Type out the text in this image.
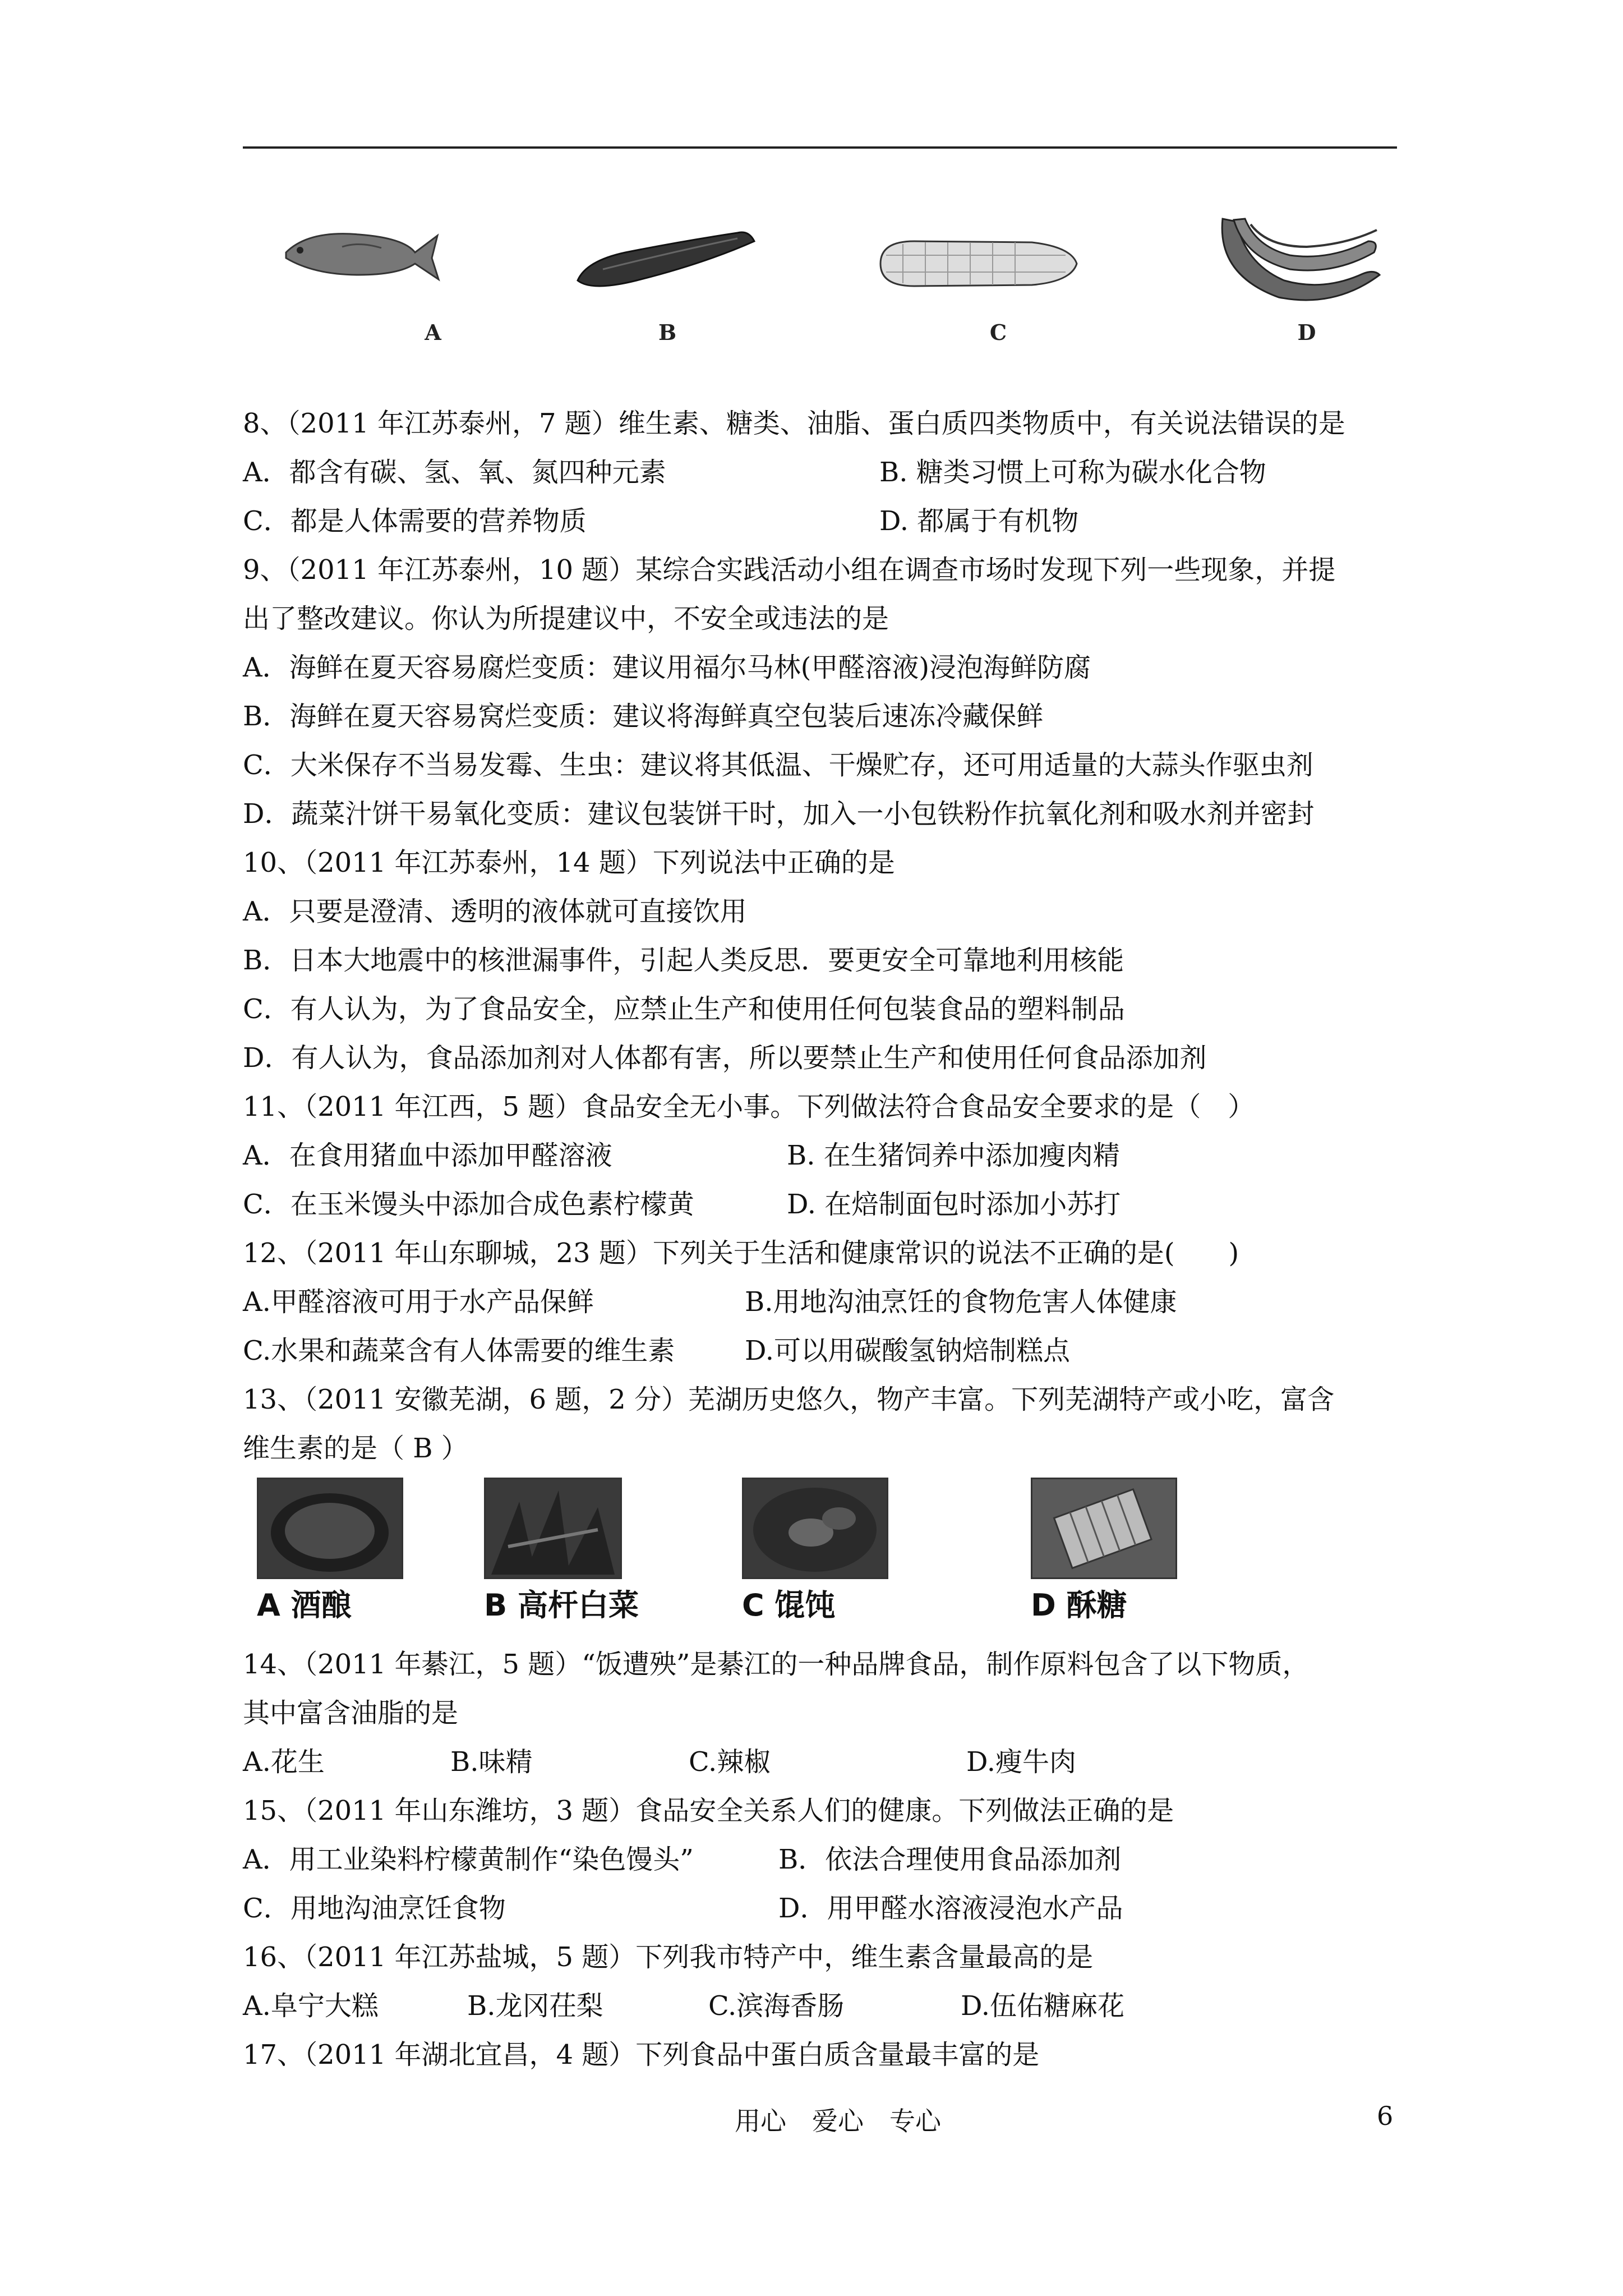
A	B	C	D
8、（2011 年江苏泰州，7 题）维生素、糖类、油脂、蛋白质四类物质中，有关说法错误的是
A．都含有碳、氢、氧、氮四种元素	B. 糖类习惯上可称为碳水化合物
C．都是人体需要的营养物质	D. 都属于有机物
9、（2011 年江苏泰州，10 题）某综合实践活动小组在调查市场时发现下列一些现象，并提
出了整改建议。你认为所提建议中，不安全或违法的是
A．海鲜在夏天容易腐烂变质：建议用福尔马林(甲醛溶液)浸泡海鲜防腐
B．海鲜在夏天容易窝烂变质：建议将海鲜真空包装后速冻冷藏保鲜
C．大米保存不当易发霉、生虫：建议将其低温、干燥贮存，还可用适量的大蒜头作驱虫剂
D．蔬菜汁饼干易氧化变质：建议包装饼干时，加入一小包铁粉作抗氧化剂和吸水剂并密封
10、（2011 年江苏泰州，14 题）下列说法中正确的是
A．只要是澄清、透明的液体就可直接饮用
B．日本大地震中的核泄漏事件，引起人类反思．要更安全可靠地利用核能
C．有人认为，为了食品安全，应禁止生产和使用任何包装食品的塑料制品
D．有人认为，食品添加剂对人体都有害，所以要禁止生产和使用任何食品添加剂
11、（2011 年江西，5 题）食品安全无小事。下列做法符合食品安全要求的是（　）
A．在食用猪血中添加甲醛溶液	B. 在生猪饲养中添加瘦肉精
C．在玉米馒头中添加合成色素柠檬黄	D. 在焙制面包时添加小苏打
12、（2011 年山东聊城，23 题）下列关于生活和健康常识的说法不正确的是(　　)
A.甲醛溶液可用于水产品保鲜	B.用地沟油烹饪的食物危害人体健康
C.水果和蔬菜含有人体需要的维生素	D.可以用碳酸氢钠焙制糕点
13、（2011 安徽芜湖，6 题，2 分）芜湖历史悠久，物产丰富。下列芜湖特产或小吃，富含
维生素的是（ B ）
A 酒酿	B 高杆白菜	C 馄饨	D 酥糖
14、（2011 年綦江，5 题）“饭遭殃”是綦江的一种品牌食品，制作原料包含了以下物质，
其中富含油脂的是
A.花生	B.味精	C.辣椒	D.瘦牛肉
15、（2011 年山东潍坊，3 题）食品安全关系人们的健康。下列做法正确的是
A．用工业染料柠檬黄制作“染色馒头”	B．依法合理使用食品添加剂
C．用地沟油烹饪食物	D．用甲醛水溶液浸泡水产品
16、（2011 年江苏盐城，5 题）下列我市特产中，维生素含量最高的是
A.阜宁大糕	B.龙冈茌梨	C.滨海香肠	D.伍佑糖麻花
17、（2011 年湖北宜昌，4 题）下列食品中蛋白质含量最丰富的是
用心　爱心　专心	6
